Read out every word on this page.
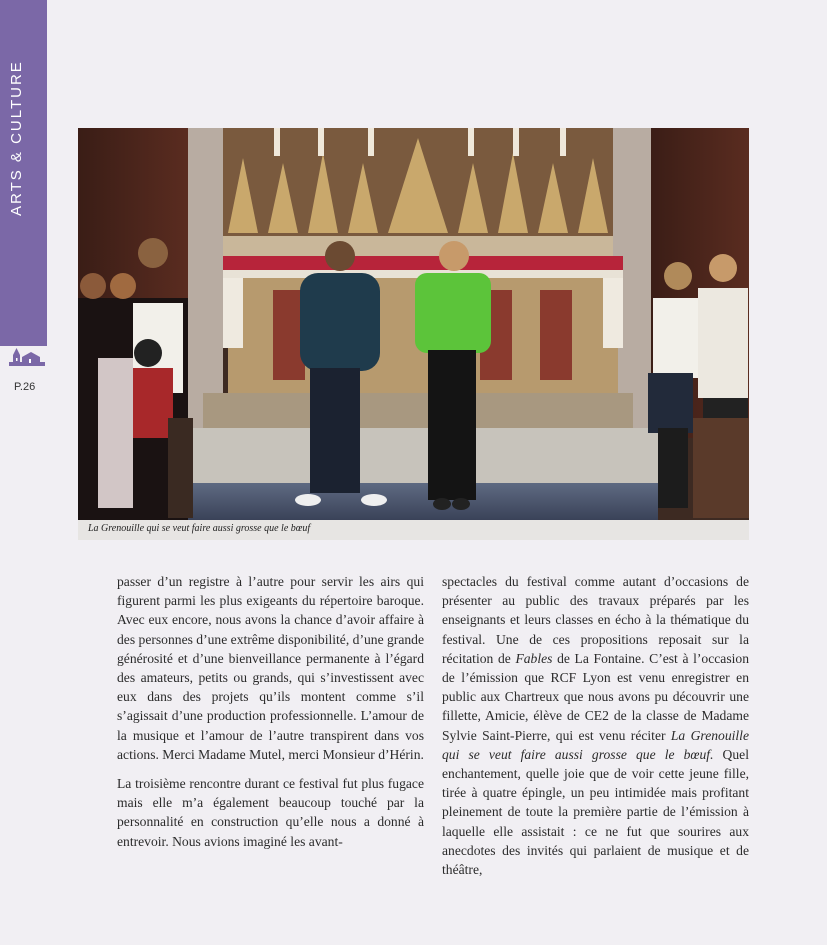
ARTS & CULTURE
P.26
La Grenouille qui se veut faire aussi grosse que le bœuf

passer d’un registre à l’autre pour servir les airs qui figurent parmi les plus exigeants du répertoire baroque. Avec eux encore, nous avons la chance d’avoir affaire à des personnes d’une extrême disponibilité, d’une grande générosité et d’une bienveillance permanente à l’égard des amateurs, petits ou grands, qui s’investissent avec eux dans des projets qu’ils montent comme s’il s’agissait d’une production professionnelle. L’amour de la musique et l’amour de l’autre transpirent dans vos actions. Merci Madame Mutel, merci Monsieur d’Hérin.

La troisième rencontre durant ce festival fut plus fugace mais elle m’a également beaucoup touché par la personnalité en construction qu’elle nous a donné à entrevoir. Nous avions imaginé les avant-

spectacles du festival comme autant d’occasions de présenter au public des travaux préparés par les enseignants et leurs classes en écho à la thématique du festival. Une de ces propositions reposait sur la récitation de Fables de La Fontaine. C’est à l’occasion de l’émission que RCF Lyon est venu enregistrer en public aux Chartreux que nous avons pu découvrir une fillette, Amicie, élève de CE2 de la classe de Madame Sylvie Saint-Pierre, qui est venu réciter La Grenouille qui se veut faire aussi grosse que le bœuf. Quel enchantement, quelle joie que de voir cette jeune fille, tirée à quatre épingle, un peu intimidée mais profitant pleinement de toute la première partie de l’émission à laquelle elle assistait : ce ne fut que sourires aux anecdotes des invités qui parlaient de musique et de théâtre,
